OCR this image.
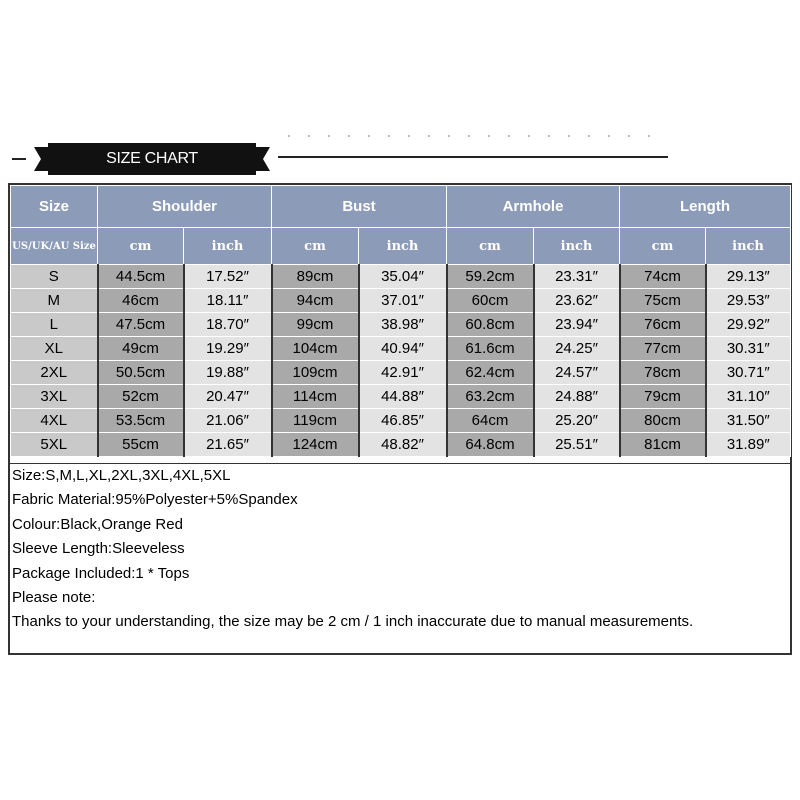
SIZE CHART
Size	Shoulder		Bust		Armhole		Length	
US/UK/AU Size	cm	inch	cm	inch	cm	inch	cm	inch
S	44.5cm	17.52″	89cm	35.04″	59.2cm	23.31″	74cm	29.13″
M	46cm	18.11″	94cm	37.01″	60cm	23.62″	75cm	29.53″
L	47.5cm	18.70″	99cm	38.98″	60.8cm	23.94″	76cm	29.92″
XL	49cm	19.29″	104cm	40.94″	61.6cm	24.25″	77cm	30.31″
2XL	50.5cm	19.88″	109cm	42.91″	62.4cm	24.57″	78cm	30.71″
3XL	52cm	20.47″	114cm	44.88″	63.2cm	24.88″	79cm	31.10″
4XL	53.5cm	21.06″	119cm	46.85″	64cm	25.20″	80cm	31.50″
5XL	55cm	21.65″	124cm	48.82″	64.8cm	25.51″	81cm	31.89″
Size:S,M,L,XL,2XL,3XL,4XL,5XL
Fabric Material:95%Polyester+5%Spandex
Colour:Black,Orange Red
Sleeve Length:Sleeveless
Package Included:1 * Tops
Please note:
Thanks to your understanding, the size may be 2 cm / 1 inch inaccurate due to manual measurements.
